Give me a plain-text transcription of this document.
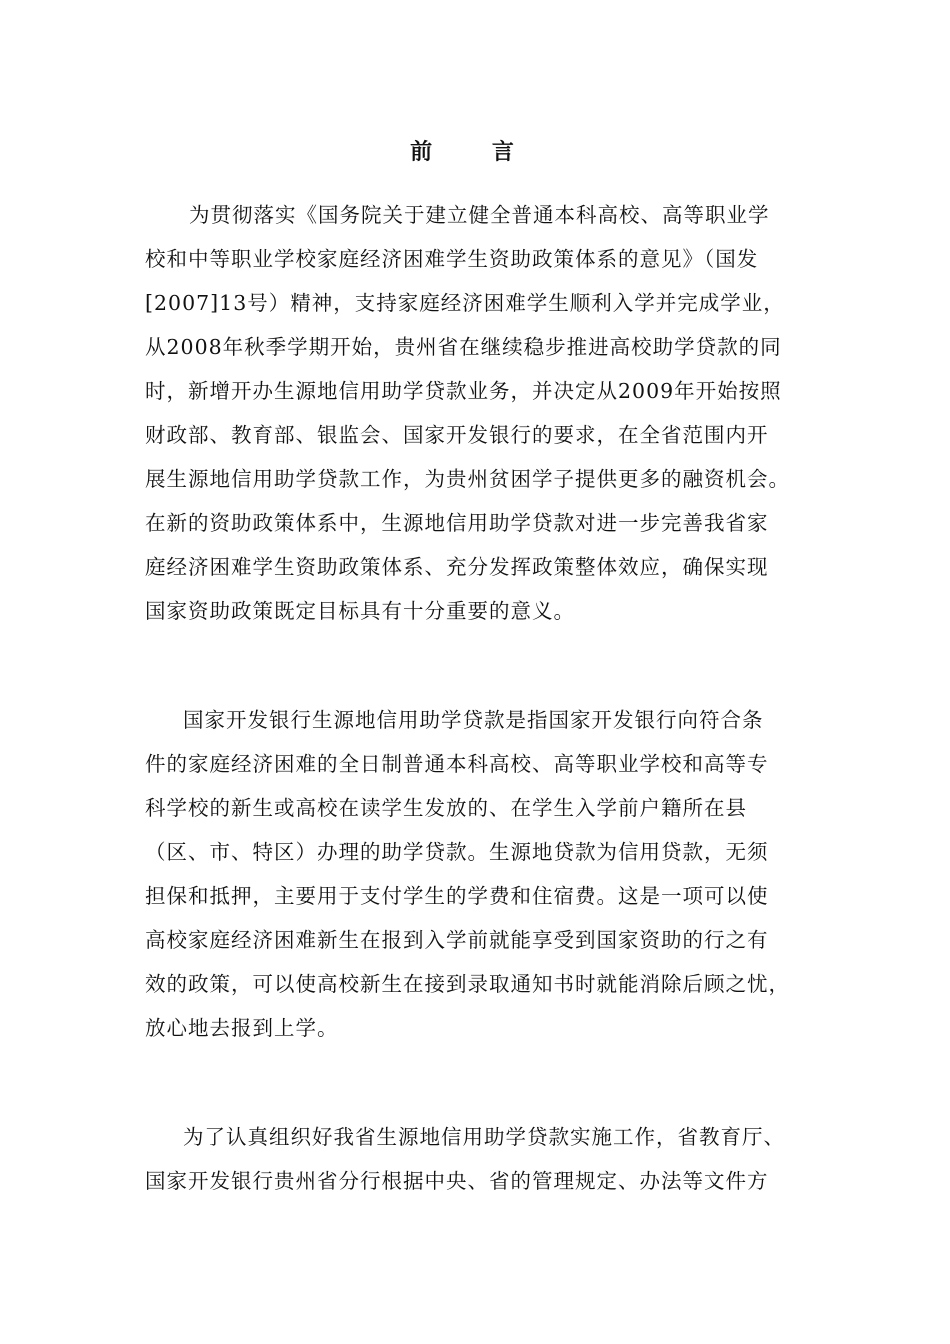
前 言
为贯彻落实《国务院关于建立健全普通本科高校、高等职业学
校和中等职业学校家庭经济困难学生资助政策体系的意见》（国发
[2007]13号）精神，支持家庭经济困难学生顺利入学并完成学业，
从2008年秋季学期开始，贵州省在继续稳步推进高校助学贷款的同
时，新增开办生源地信用助学贷款业务，并决定从2009年开始按照
财政部、教育部、银监会、国家开发银行的要求，在全省范围内开
展生源地信用助学贷款工作，为贵州贫困学子提供更多的融资机会。
在新的资助政策体系中，生源地信用助学贷款对进一步完善我省家
庭经济困难学生资助政策体系、充分发挥政策整体效应，确保实现
国家资助政策既定目标具有十分重要的意义。
国家开发银行生源地信用助学贷款是指国家开发银行向符合条
件的家庭经济困难的全日制普通本科高校、高等职业学校和高等专
科学校的新生或高校在读学生发放的、在学生入学前户籍所在县
（区、市、特区）办理的助学贷款。生源地贷款为信用贷款，无须
担保和抵押，主要用于支付学生的学费和住宿费。这是一项可以使
高校家庭经济困难新生在报到入学前就能享受到国家资助的行之有
效的政策，可以使高校新生在接到录取通知书时就能消除后顾之忧，
放心地去报到上学。
为了认真组织好我省生源地信用助学贷款实施工作，省教育厅、
国家开发银行贵州省分行根据中央、省的管理规定、办法等文件方
